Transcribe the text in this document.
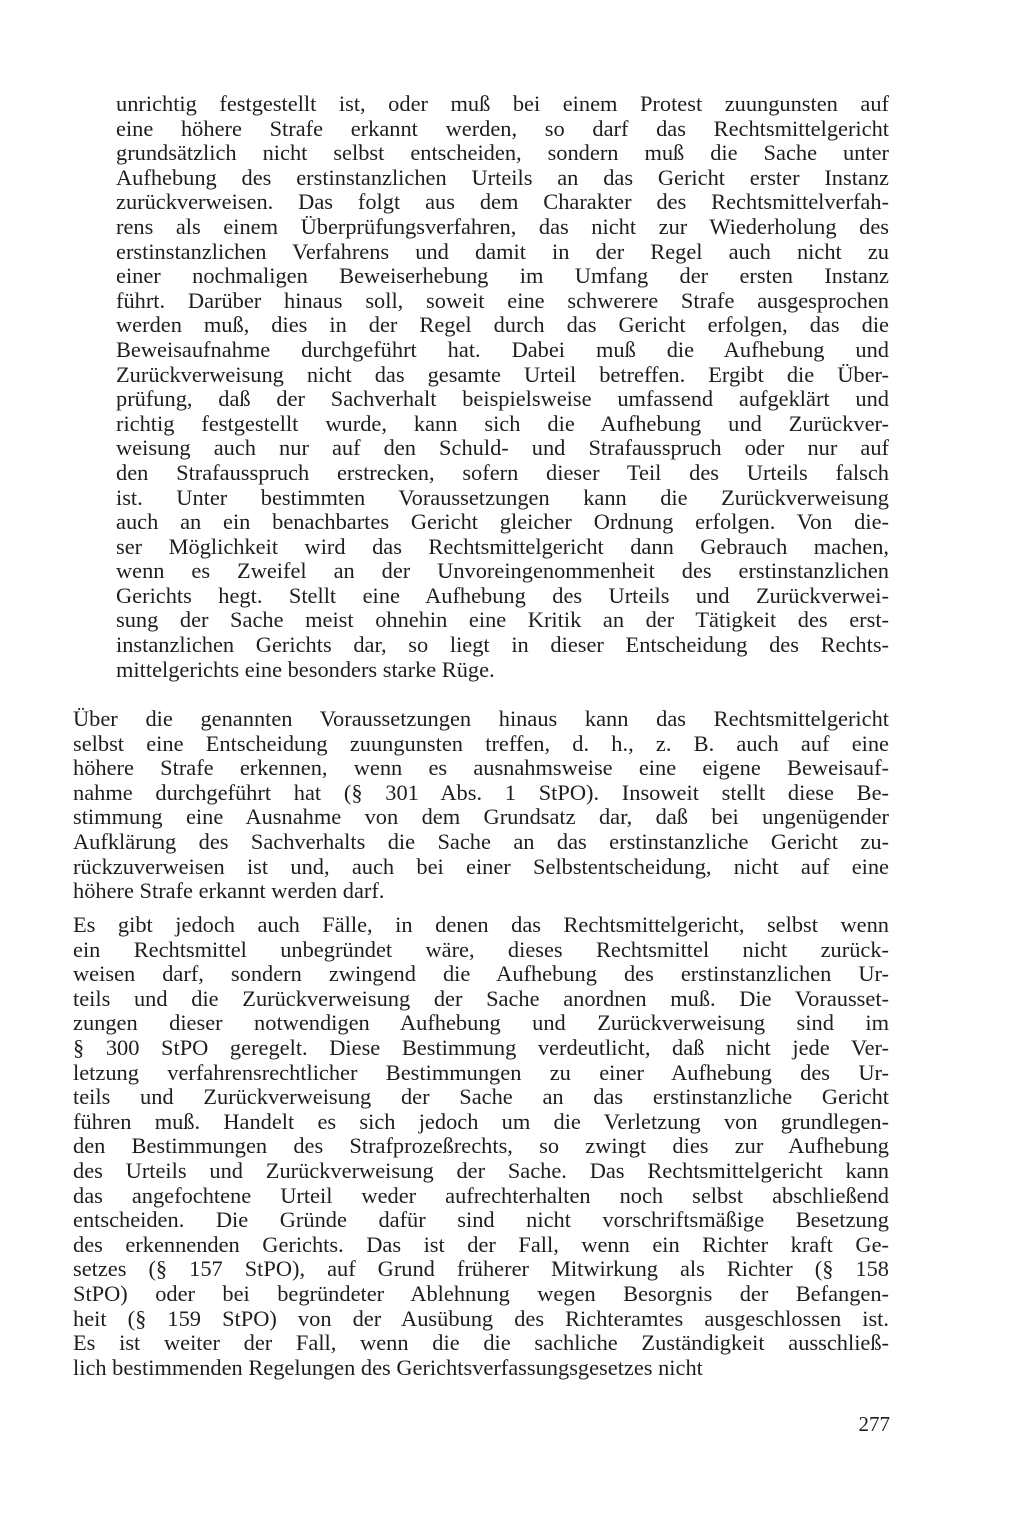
unrichtig festgestellt ist, oder muß bei einem Protest zuungunsten auf
eine höhere Strafe erkannt werden, so darf das Rechtsmittelgericht
grundsätzlich nicht selbst entscheiden, sondern muß die Sache unter
Aufhebung des erstinstanzlichen Urteils an das Gericht erster Instanz
zurückverweisen. Das folgt aus dem Charakter des Rechtsmittelverfah-
rens als einem Überprüfungsverfahren, das nicht zur Wiederholung des
erstinstanzlichen Verfahrens und damit in der Regel auch nicht zu
einer nochmaligen Beweiserhebung im Umfang der ersten Instanz
führt. Darüber hinaus soll, soweit eine schwerere Strafe ausgesprochen
werden muß, dies in der Regel durch das Gericht erfolgen, das die
Beweisaufnahme durchgeführt hat. Dabei muß die Aufhebung und
Zurückverweisung nicht das gesamte Urteil betreffen. Ergibt die Über-
prüfung, daß der Sachverhalt beispielsweise umfassend aufgeklärt und
richtig festgestellt wurde, kann sich die Aufhebung und Zurückver-
weisung auch nur auf den Schuld- und Strafausspruch oder nur auf
den Strafausspruch erstrecken, sofern dieser Teil des Urteils falsch
ist. Unter bestimmten Voraussetzungen kann die Zurückverweisung
auch an ein benachbartes Gericht gleicher Ordnung erfolgen. Von die-
ser Möglichkeit wird das Rechtsmittelgericht dann Gebrauch machen,
wenn es Zweifel an der Unvoreingenommenheit des erstinstanzlichen
Gerichts hegt. Stellt eine Aufhebung des Urteils und Zurückverwei-
sung der Sache meist ohnehin eine Kritik an der Tätigkeit des erst-
instanzlichen Gerichts dar, so liegt in dieser Entscheidung des Rechts-
mittelgerichts eine besonders starke Rüge.

Über die genannten Voraussetzungen hinaus kann das Rechtsmittelgericht
selbst eine Entscheidung zuungunsten treffen, d. h., z. B. auch auf eine
höhere Strafe erkennen, wenn es ausnahmsweise eine eigene Beweisauf-
nahme durchgeführt hat (§ 301 Abs. 1 StPO). Insoweit stellt diese Be-
stimmung eine Ausnahme von dem Grundsatz dar, daß bei ungenügender
Aufklärung des Sachverhalts die Sache an das erstinstanzliche Gericht zu-
rückzuverweisen ist und, auch bei einer Selbstentscheidung, nicht auf eine
höhere Strafe erkannt werden darf.

Es gibt jedoch auch Fälle, in denen das Rechtsmittelgericht, selbst wenn
ein Rechtsmittel unbegründet wäre, dieses Rechtsmittel nicht zurück-
weisen darf, sondern zwingend die Aufhebung des erstinstanzlichen Ur-
teils und die Zurückverweisung der Sache anordnen muß. Die Vorausset-
zungen dieser notwendigen Aufhebung und Zurückverweisung sind im
§ 300 StPO geregelt. Diese Bestimmung verdeutlicht, daß nicht jede Ver-
letzung verfahrensrechtlicher Bestimmungen zu einer Aufhebung des Ur-
teils und Zurückverweisung der Sache an das erstinstanzliche Gericht
führen muß. Handelt es sich jedoch um die Verletzung von grundlegen-
den Bestimmungen des Strafprozeßrechts, so zwingt dies zur Aufhebung
des Urteils und Zurückverweisung der Sache. Das Rechtsmittelgericht kann
das angefochtene Urteil weder aufrechterhalten noch selbst abschließend
entscheiden. Die Gründe dafür sind nicht vorschriftsmäßige Besetzung
des erkennenden Gerichts. Das ist der Fall, wenn ein Richter kraft Ge-
setzes (§ 157 StPO), auf Grund früherer Mitwirkung als Richter (§ 158
StPO) oder bei begründeter Ablehnung wegen Besorgnis der Befangen-
heit (§ 159 StPO) von der Ausübung des Richteramtes ausgeschlossen ist.
Es ist weiter der Fall, wenn die die sachliche Zuständigkeit ausschließ-
lich bestimmenden Regelungen des Gerichtsverfassungsgesetzes nicht

277
